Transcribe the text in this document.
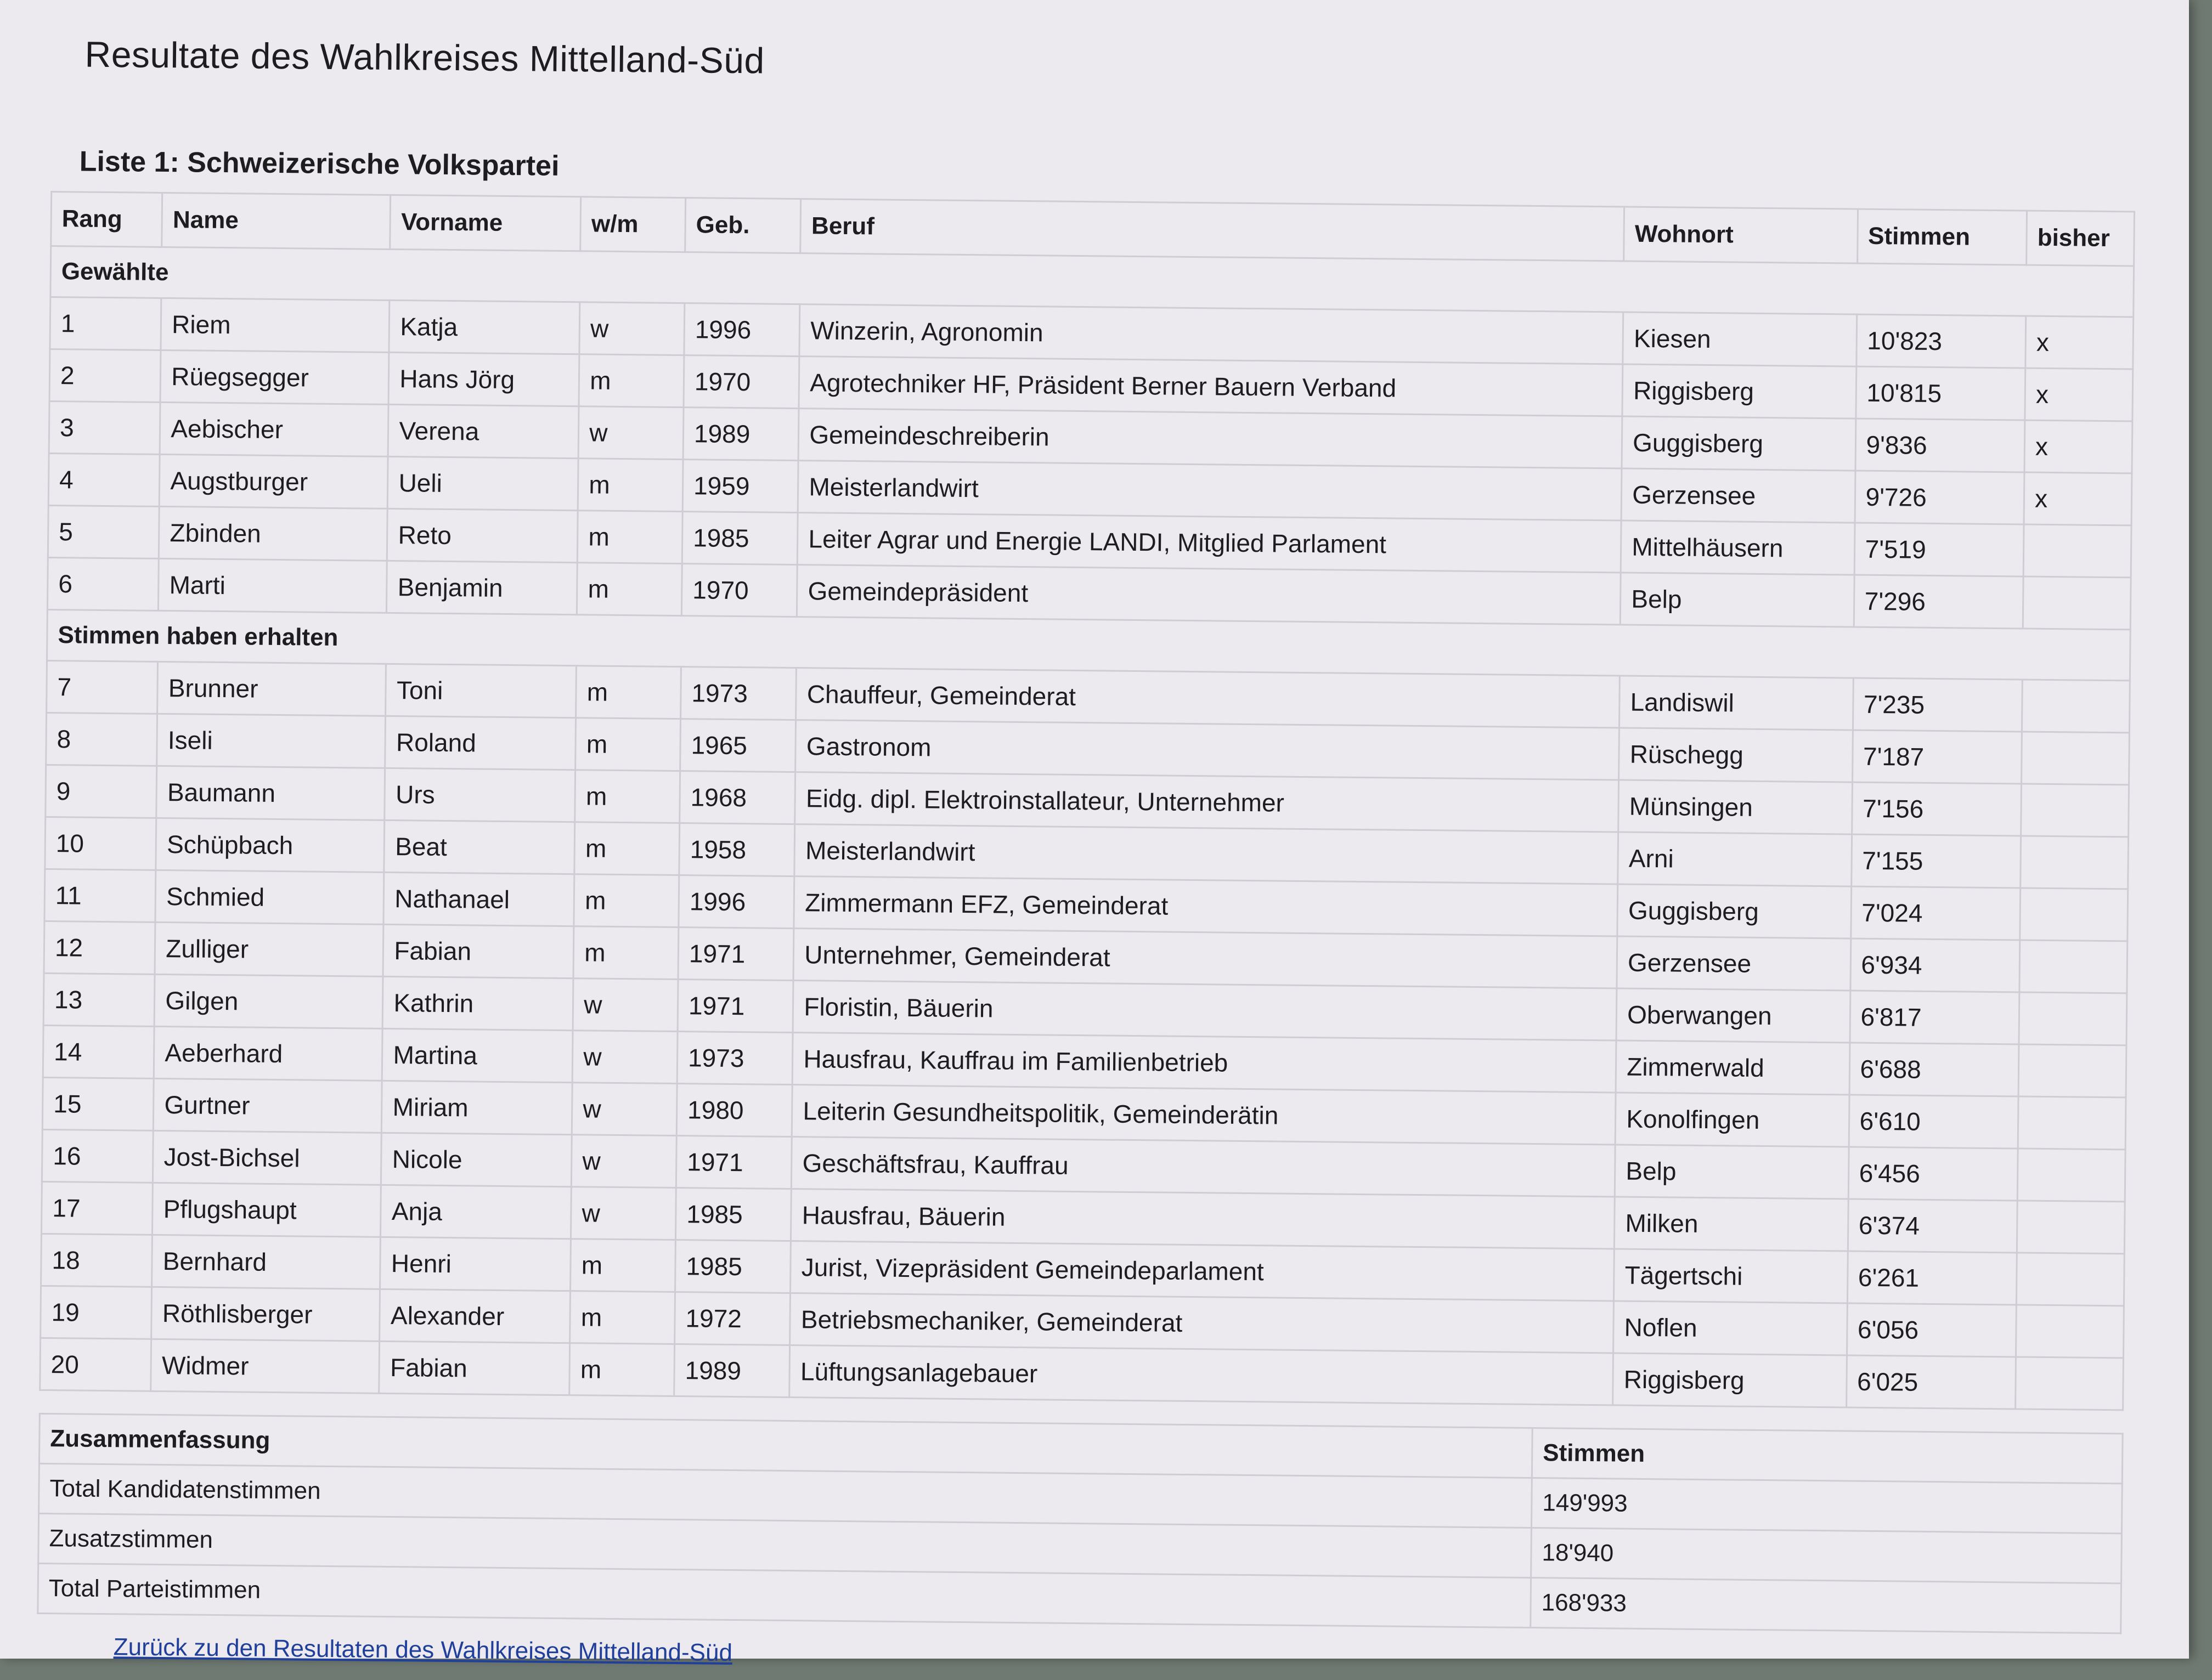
Resultate des Wahlkreises Mittelland-Süd
Liste 1: Schweizerische Volkspartei
Rang	Name	Vorname	w/m	Geb.	Beruf	Wohnort	Stimmen	bisher
Gewählte								
1	Riem	Katja	w	1996	Winzerin, Agronomin	Kiesen	10'823	x
2	Rüegsegger	Hans Jörg	m	1970	Agrotechniker HF, Präsident Berner Bauern Verband	Riggisberg	10'815	x
3	Aebischer	Verena	w	1989	Gemeindeschreiberin	Guggisberg	9'836	x
4	Augstburger	Ueli	m	1959	Meisterlandwirt	Gerzensee	9'726	x
5	Zbinden	Reto	m	1985	Leiter Agrar und Energie LANDI, Mitglied Parlament	Mittelhäusern	7'519	
6	Marti	Benjamin	m	1970	Gemeindepräsident	Belp	7'296	
Stimmen haben erhalten								
7	Brunner	Toni	m	1973	Chauffeur, Gemeinderat	Landiswil	7'235	
8	Iseli	Roland	m	1965	Gastronom	Rüschegg	7'187	
9	Baumann	Urs	m	1968	Eidg. dipl. Elektroinstallateur, Unternehmer	Münsingen	7'156	
10	Schüpbach	Beat	m	1958	Meisterlandwirt	Arni	7'155	
11	Schmied	Nathanael	m	1996	Zimmermann EFZ, Gemeinderat	Guggisberg	7'024	
12	Zulliger	Fabian	m	1971	Unternehmer, Gemeinderat	Gerzensee	6'934	
13	Gilgen	Kathrin	w	1971	Floristin, Bäuerin	Oberwangen	6'817	
14	Aeberhard	Martina	w	1973	Hausfrau, Kauffrau im Familienbetrieb	Zimmerwald	6'688	
15	Gurtner	Miriam	w	1980	Leiterin Gesundheitspolitik, Gemeinderätin	Konolfingen	6'610	
16	Jost-Bichsel	Nicole	w	1971	Geschäftsfrau, Kauffrau	Belp	6'456	
17	Pflugshaupt	Anja	w	1985	Hausfrau, Bäuerin	Milken	6'374	
18	Bernhard	Henri	m	1985	Jurist, Vizepräsident Gemeindeparlament	Tägertschi	6'261	
19	Röthlisberger	Alexander	m	1972	Betriebsmechaniker, Gemeinderat	Noflen	6'056	
20	Widmer	Fabian	m	1989	Lüftungsanlagebauer	Riggisberg	6'025	
Zusammenfassung	Stimmen
Total Kandidatenstimmen	149'993
Zusatzstimmen	18'940
Total Parteistimmen	168'933
Zurück zu den Resultaten des Wahlkreises Mittelland-Süd
